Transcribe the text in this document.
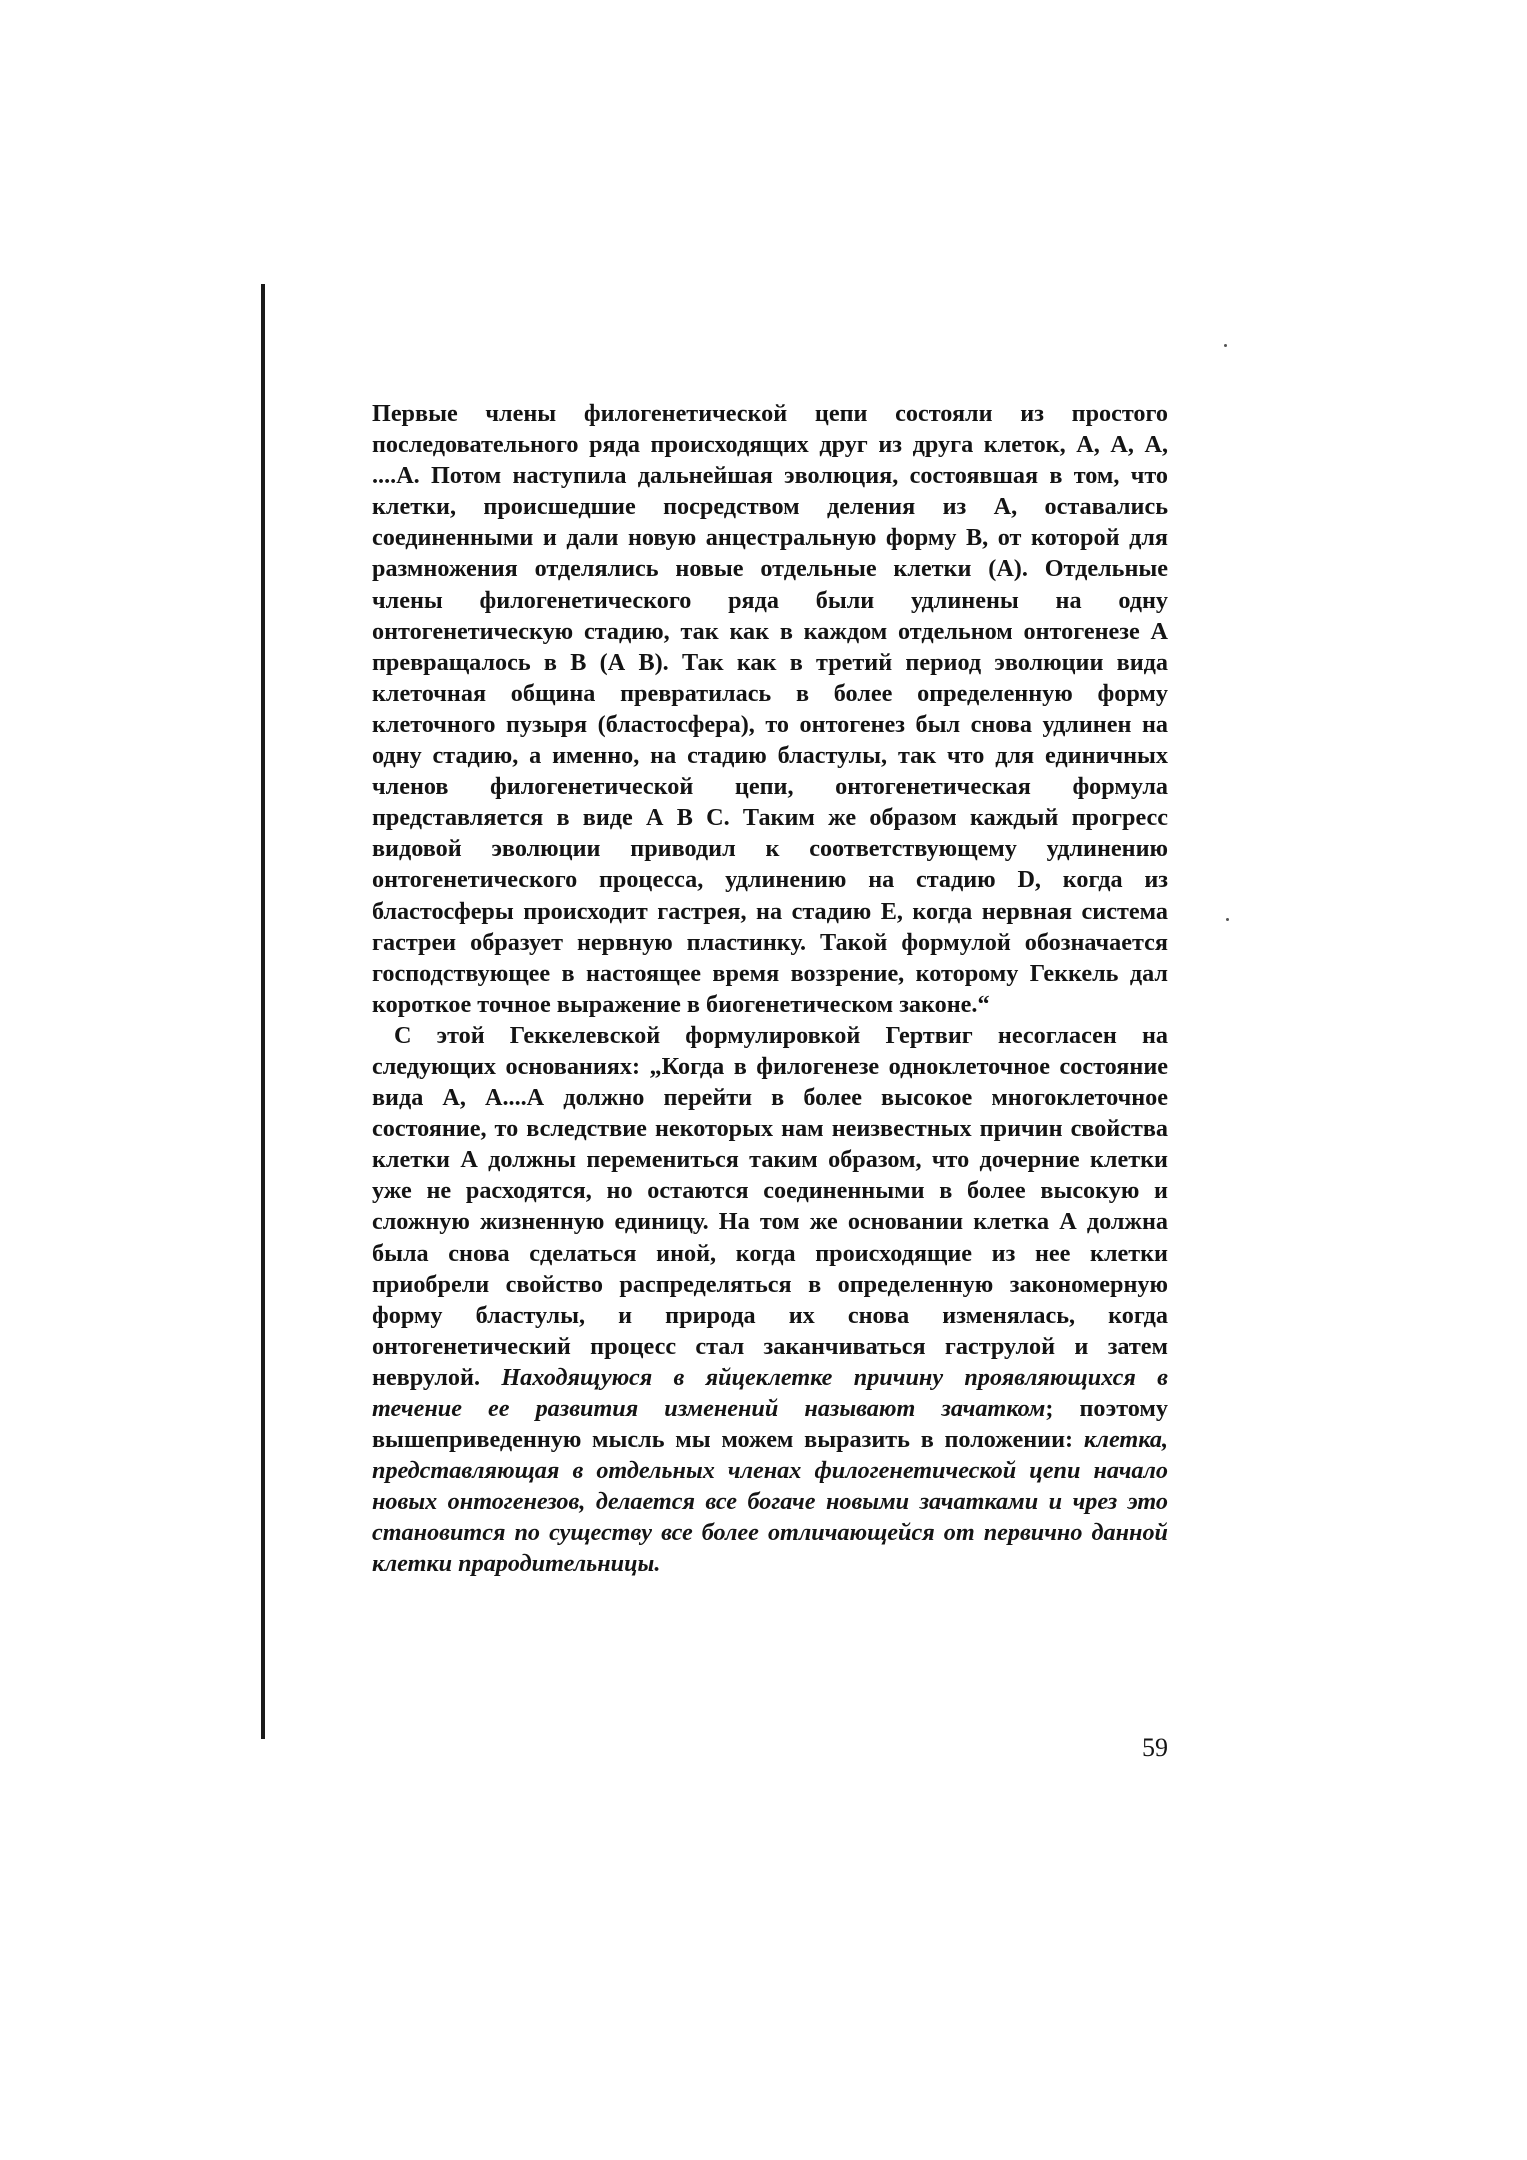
Первые члены филогенетической цепи состояли из простого последовательного ряда происходящих друг из друга клеток, А, А, А, ....А. Потом наступила дальнейшая эволюция, состоявшая в том, что клетки, происшедшие посредством деления из А, оставались соединенными и дали новую анцестральную форму В, от которой для размножения отделялись новые отдельные клетки (А). Отдельные члены филогенетического ряда были удлинены на одну онтогенетическую стадию, так как в каждом отдельном онтогенезе А превращалось в В (А В). Так как в третий период эволюции вида клеточная община превратилась в более определенную форму клеточного пузыря (бластосфера), то онтогенез был снова удлинен на одну стадию, а именно, на стадию бластулы, так что для единичных членов филогенетической цепи, онтогенетическая формула представляется в виде А В С. Таким же образом каждый прогресс видовой эволюции приводил к соответствующему удлинению онтогенетического процесса, удлинению на стадию D, когда из бластосферы происходит гастрея, на стадию Е, когда нервная система гастреи образует нервную пластинку. Такой формулой обозначается господствующее в настоящее время воззрение, которому Геккель дал короткое точное выражение в биогенетическом законе.“

С этой Геккелевской формулировкой Гертвиг несогласен на следующих основаниях: „Когда в филогенезе одноклеточное состояние вида А, А....А должно перейти в более высокое многоклеточное состояние, то вследствие некоторых нам неизвестных причин свойства клетки А должны перемениться таким образом, что дочерние клетки уже не расходятся, но остаются соединенными в более высокую и сложную жизненную единицу. На том же основании клетка А должна была снова сделаться иной, когда происходящие из нее клетки приобрели свойство распределяться в определенную закономерную форму бластулы, и природа их снова изменялась, когда онтогенетический процесс стал заканчиваться гаструлой и затем неврулой. Находящуюся в яйцеклетке причину проявляющихся в течение ее развития изменений называют зачатком; поэтому вышеприведенную мысль мы можем выразить в положении: клетка, представляющая в отдельных членах филогенетической цепи начало новых онтогенезов, делается все богаче новыми зачатками и чрез это становится по существу все более отличающейся от первично данной клетки прародительницы.

59
